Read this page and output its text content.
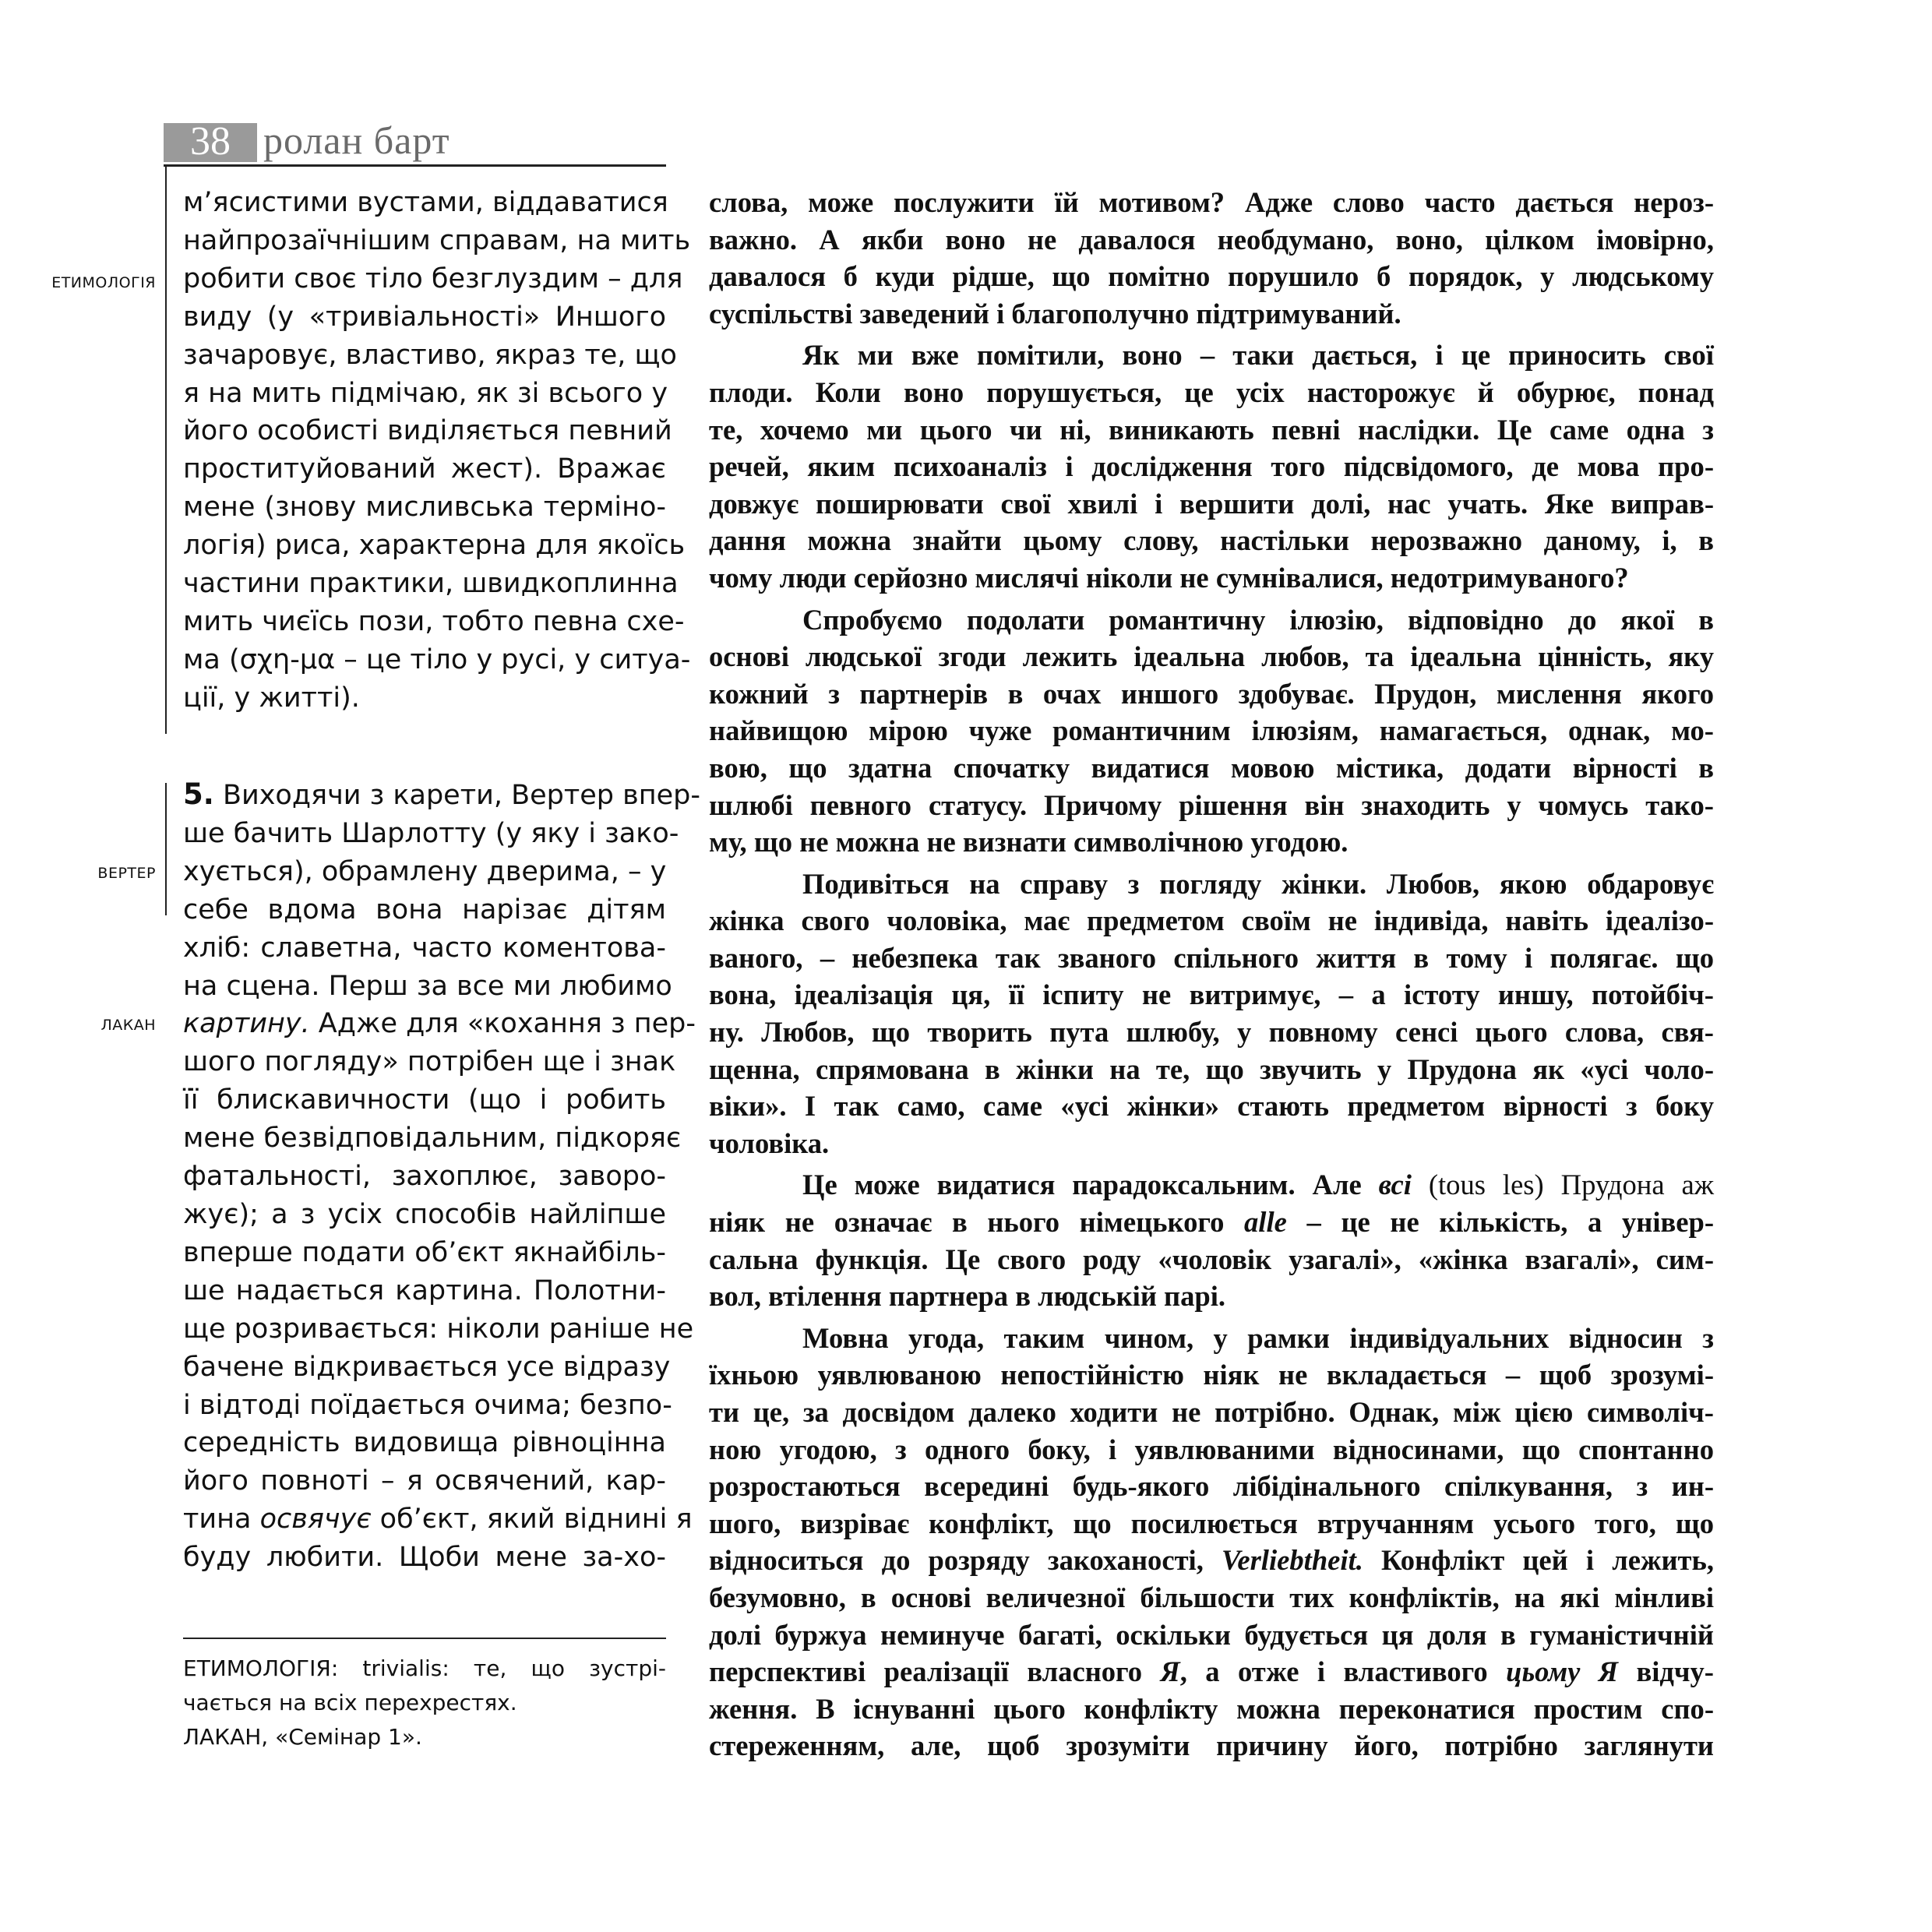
38 ролан барт
ЕТИМОЛОГІЯ
ВЕРТЕР
ЛАКАН
м’ясистими вустами, віддаватися
найпрозаїчнішим справам, на мить
робити своє тіло безглуздим – для
виду (у «тривіальності» Иншого
зачаровує, властиво, якраз те, що
я на мить підмічаю, як зі всього у
його особисті виділяється певний
проституйований жест). Вражає
мене (знову мисливська терміно-
логія) риса, характерна для якоїсь
частини практики, швидкоплинна
мить чиєїсь пози, тобто певна схе-
ма (σχη-μα – це тіло у русі, у ситуа-
ції, у житті).
5. Виходячи з карети, Вертер впер-
ше бачить Шарлотту (у яку і зако-
хується), обрамлену дверима, – у
себе вдома вона нарізає дітям
хліб: славетна, часто коментова-
на сцена. Перш за все ми любимо
картину. Адже для «кохання з пер-
шого погляду» потрібен ще і знак
її блискавичности (що і робить
мене безвідповідальним, підкоряє
фатальності, захоплює, заворо-
жує); а з усіх способів найліпше
вперше подати об’єкт якнайбіль-
ше надається картина. Полотни-
ще розривається: ніколи раніше не
бачене відкривається усе відразу
і відтоді поїдається очима; безпо-
середність видовища рівноцінна
його повноті – я освячений, кар-
тина освячує об’єкт, який віднині я
буду любити. Щоби мене за-хо-
ЕТИМОЛОГІЯ: trivialis: те, що зустрі-
чається на всіх перехрестях.
ЛАКАН, «Семінар 1».
слова, може послужити їй мотивом? Адже слово часто дається нероз-
важно. А якби воно не давалося необдумано, воно, цілком імовірно,
давалося б куди рідше, що помітно порушило б порядок, у людському
суспільстві заведений і благополучно підтримуваний.
Як ми вже помітили, воно – таки дається, і це приносить свої
плоди. Коли воно порушується, це усіх насторожує й обурює, понад
те, хочемо ми цього чи ні, виникають певні наслідки. Це саме одна з
речей, яким психоаналіз і дослідження того підсвідомого, де мова про-
довжує поширювати свої хвилі і вершити долі, нас учать. Яке виправ-
дання можна знайти цьому слову, настільки нерозважно даному, і, в
чому люди серйозно мислячі ніколи не сумнівалися, недотримуваного?
Спробуємо подолати романтичну ілюзію, відповідно до якої в
основі людської згоди лежить ідеальна любов, та ідеальна цінність, яку
кожний з партнерів в очах иншого здобуває. Прудон, мислення якого
найвищою мірою чуже романтичним ілюзіям, намагається, однак, мо-
вою, що здатна спочатку видатися мовою містика, додати вірності в
шлюбі певного статусу. Причому рішення він знаходить у чомусь тако-
му, що не можна не визнати символічною угодою.
Подивіться на справу з погляду жінки. Любов, якою обдаровує
жінка свого чоловіка, має предметом своїм не індивіда, навіть ідеалізо-
ваного, – небезпека так званого спільного життя в тому і полягає. що
вона, ідеалізація ця, її іспиту не витримує, – а істоту иншу, потойбіч-
ну. Любов, що творить пута шлюбу, у повному сенсі цього слова, свя-
щенна, спрямована в жінки на те, що звучить у Прудона як «усі чоло-
віки». І так само, саме «усі жінки» стають предметом вірності з боку
чоловіка.
Це може видатися парадоксальним. Але всі (tous les) Прудона аж
ніяк не означає в нього німецького alle – це не кількість, а універ-
сальна функція. Це свого роду «чоловік узагалі», «жінка взагалі», сим-
вол, втілення партнера в людській парі.
Мовна угода, таким чином, у рамки індивідуальних відносин з
їхньою уявлюваною непостійністю ніяк не вкладається – щоб зрозумі-
ти це, за досвідом далеко ходити не потрібно. Однак, між цією символіч-
ною угодою, з одного боку, і уявлюваними відносинами, що спонтанно
розростаються всередині будь-якого лібідінального спілкування, з ин-
шого, визріває конфлікт, що посилюється втручанням усього того, що
відноситься до розряду закоханості, Verliebtheit. Конфлікт цей і лежить,
безумовно, в основі величезної більшости тих конфліктів, на які мінливі
долі буржуа неминуче багаті, оскільки будується ця доля в гуманістичній
перспективі реалізації власного Я, а отже і властивого цьому Я відчу-
ження. В існуванні цього конфлікту можна переконатися простим спо-
стереженням, але, щоб зрозуміти причину його, потрібно заглянути
